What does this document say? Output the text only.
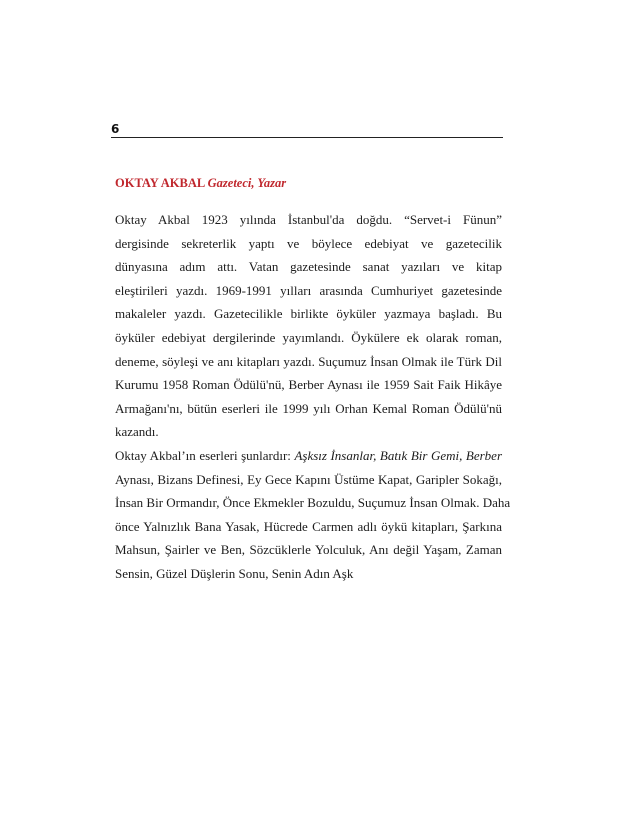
6
OKTAY AKBAL Gazeteci, Yazar
Oktay Akbal 1923 yılında İstanbul'da doğdu. “Servet-i Fünun”
dergisinde sekreterlik yaptı ve böylece edebiyat ve gazetecilik
dünyasına adım attı. Vatan gazetesinde sanat yazıları ve kitap
eleştirileri yazdı. 1969-1991 yılları arasında Cumhuriyet gazetesinde
makaleler yazdı. Gazetecilikle birlikte öyküler yazmaya başladı. Bu
öyküler edebiyat dergilerinde yayımlandı. Öykülere ek olarak roman,
deneme, söyleşi ve anı kitapları yazdı. Suçumuz İnsan Olmak ile Türk Dil
Kurumu 1958 Roman Ödülü'nü, Berber Aynası ile 1959 Sait Faik Hikâye
Armağanı'nı, bütün eserleri ile 1999 yılı Orhan Kemal Roman Ödülü'nü
kazandı.
Oktay Akbal’ın eserleri şunlardır: Aşksız İnsanlar, Batık Bir Gemi, Berber
Aynası, Bizans Definesi, Ey Gece Kapını Üstüme Kapat, Garipler Sokağı,
İnsan Bir Ormandır, Önce Ekmekler Bozuldu, Suçumuz İnsan Olmak. Daha
önce Yalnızlık Bana Yasak, Hücrede Carmen adlı öykü kitapları, Şarkına
Mahsun, Şairler ve Ben, Sözcüklerle Yolculuk, Anı değil Yaşam, Zaman
Sensin, Güzel Düşlerin Sonu, Senin Adın Aşk
